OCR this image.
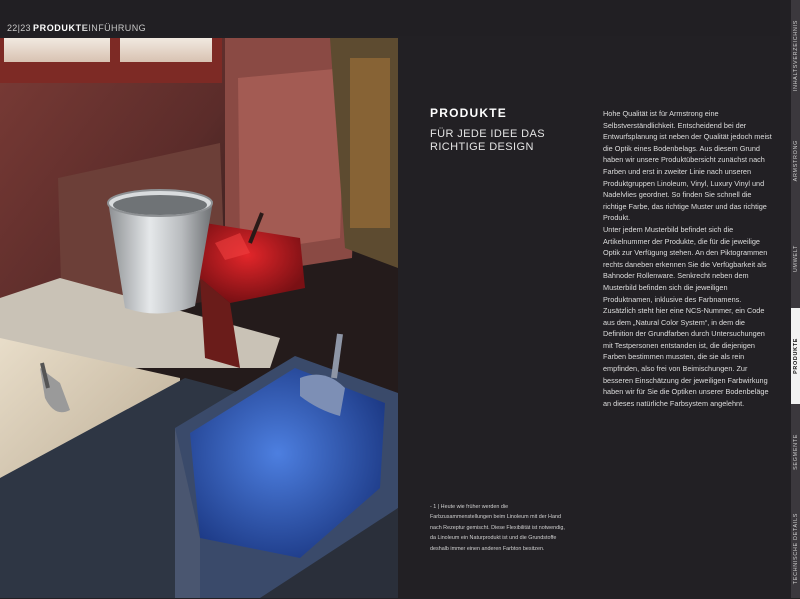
22|23 PRODUKTE
EINFÜHRUNG
PRODUKTE
FÜR JEDE IDEE DAS RICHTIGE DESIGN

Hohe Qualität ist für Armstrong eine Selbstverständlichkeit. Entscheidend bei der Entwurfsplanung ist neben der Qualität jedoch meist die Optik eines Bodenbelags. Aus diesem Grund haben wir unsere Produktübersicht zunächst nach Farben und erst in zweiter Linie nach unseren Produktgruppen Linoleum, Vinyl, Luxury Vinyl und Nadelvlies geordnet. So finden Sie schnell die richtige Farbe, das richtige Muster und das richtige Produkt.

Unter jedem Musterbild befindet sich die Artikelnummer der Produkte, die für die jeweilige Optik zur Verfügung stehen. An den Piktogrammen rechts daneben erkennen Sie die Verfügbarkeit als Bahnoder Rollenware. Senkrecht neben dem Musterbild befinden sich die jeweiligen Produktnamen, inklusive des Farbnamens. Zusätzlich steht hier eine NCS-Nummer, ein Code aus dem „Natural Color System“, in dem die Definition der Grundfarben durch Untersuchungen mit Testpersonen entstanden ist, die diejenigen Farben bestimmen mussten, die sie als rein empfinden, also frei von Beimischungen. Zur besseren Einschätzung der jeweiligen Farbwirkung haben wir für Sie die Optiken unserer Bodenbeläge an dieses natürliche Farbsystem angelehnt.

- 1 | Heute wie früher werden die Farbzusammenstellungen beim Linoleum mit der Hand nach Rezeptur gemischt. Diese Flexibilität ist notwendig, da Linoleum ein Naturprodukt ist und die Grundstoffe deshalb immer einen anderen Farbton besitzen.
INHALTSVERZEICHNIS
ARMSTRONG
UMWELT
PRODUKTE
SEGMENTE
TECHNISCHE DETAILS
